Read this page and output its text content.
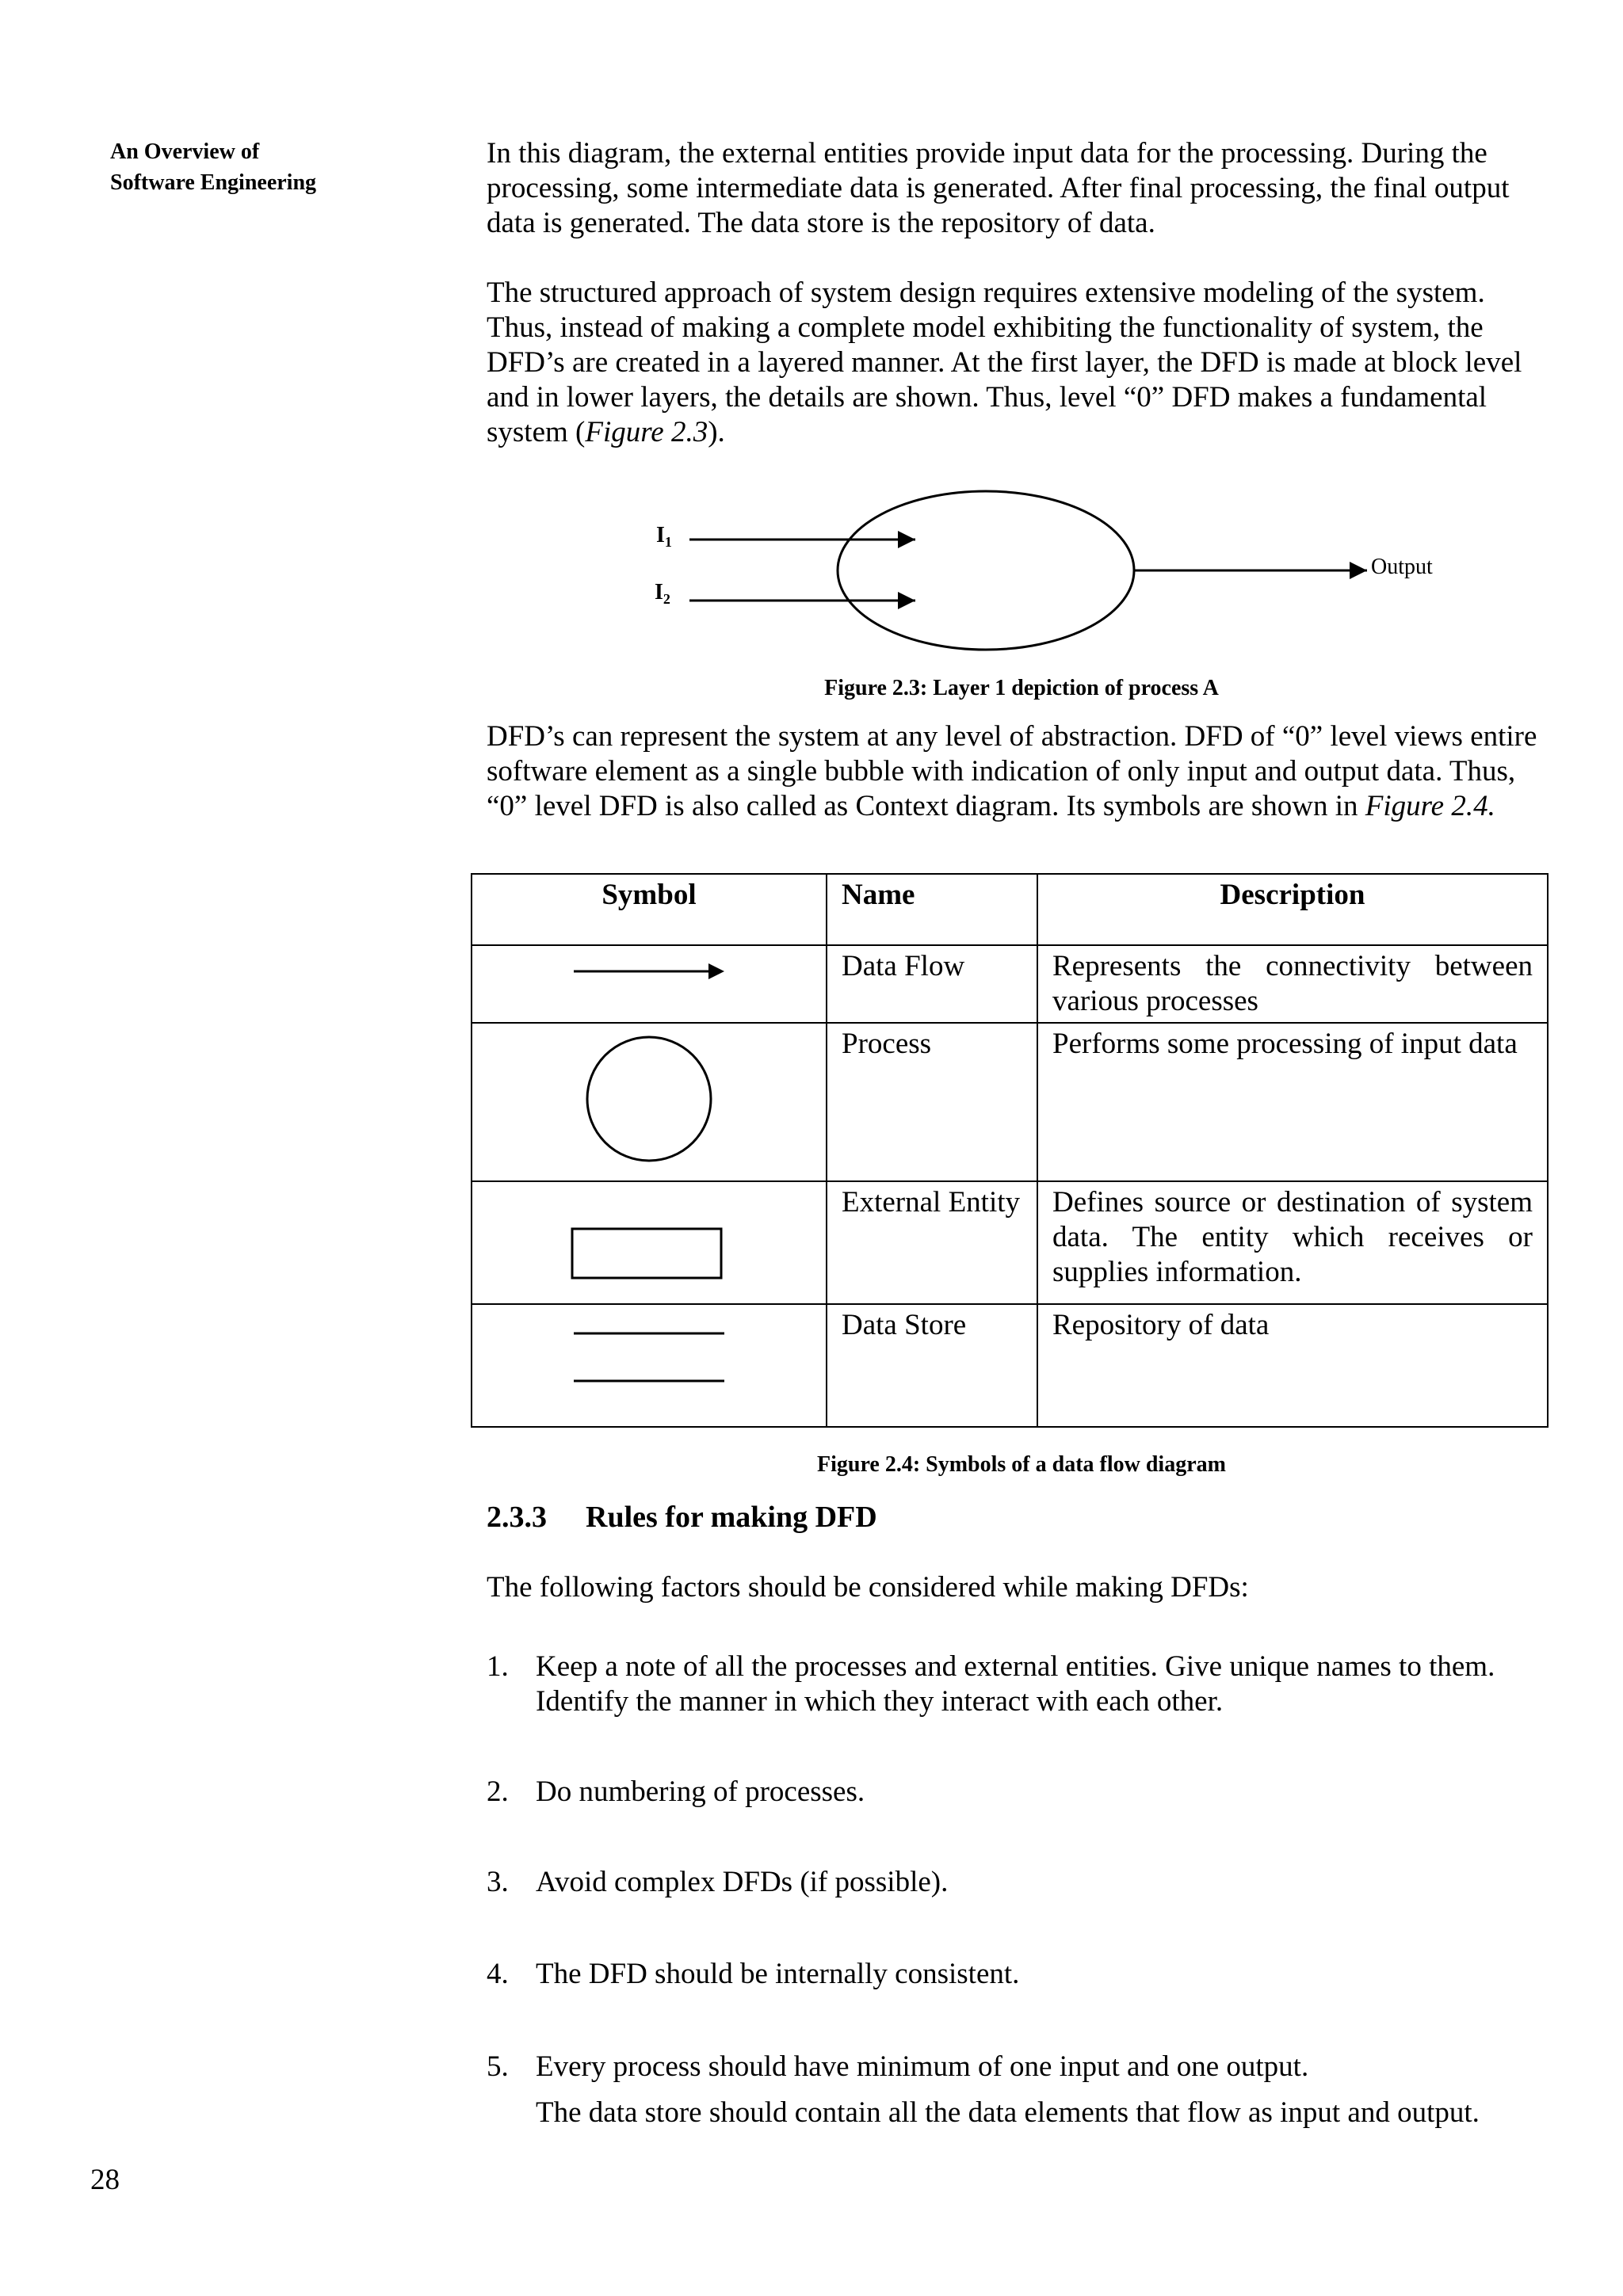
An Overview of
Software Engineering

In this diagram, the external entities provide input data for the processing. During the processing, some intermediate data is generated. After final processing, the final output data is generated. The data store is the repository of data.

The structured approach of system design requires extensive modeling of the system. Thus, instead of making a complete model exhibiting the functionality of system, the DFD’s are created in a layered manner. At the first layer, the DFD is made at block level and in lower layers, the details are shown. Thus, level “0” DFD makes a fundamental system (Figure 2.3).

$I_1$
$I_2$
Output
Figure 2.3: Layer 1 depiction of process A

DFD’s can represent the system at any level of abstraction. DFD of “0” level views entire software element as a single bubble with indication of only input and output data. Thus, “0” level DFD is also called as Context diagram. Its symbols are shown in Figure 2.4.

Symbol	Name	Description
	Data Flow	Represents the connectivity between various processes
	Process	Performs some processing of input data
	External Entity	Defines source or destination of system data. The entity which receives or supplies information.
	Data Store	Repository of data
Figure 2.4: Symbols of a data flow diagram
2.3.3 Rules for making DFD

The following factors should be considered while making DFDs:

1. Keep a note of all the processes and external entities. Give unique names to them. Identify the manner in which they interact with each other.
2. Do numbering of processes.
3. Avoid complex DFDs (if possible).
4. The DFD should be internally consistent.
5. Every process should have minimum of one input and one output.
The data store should contain all the data elements that flow as input and output.
28
